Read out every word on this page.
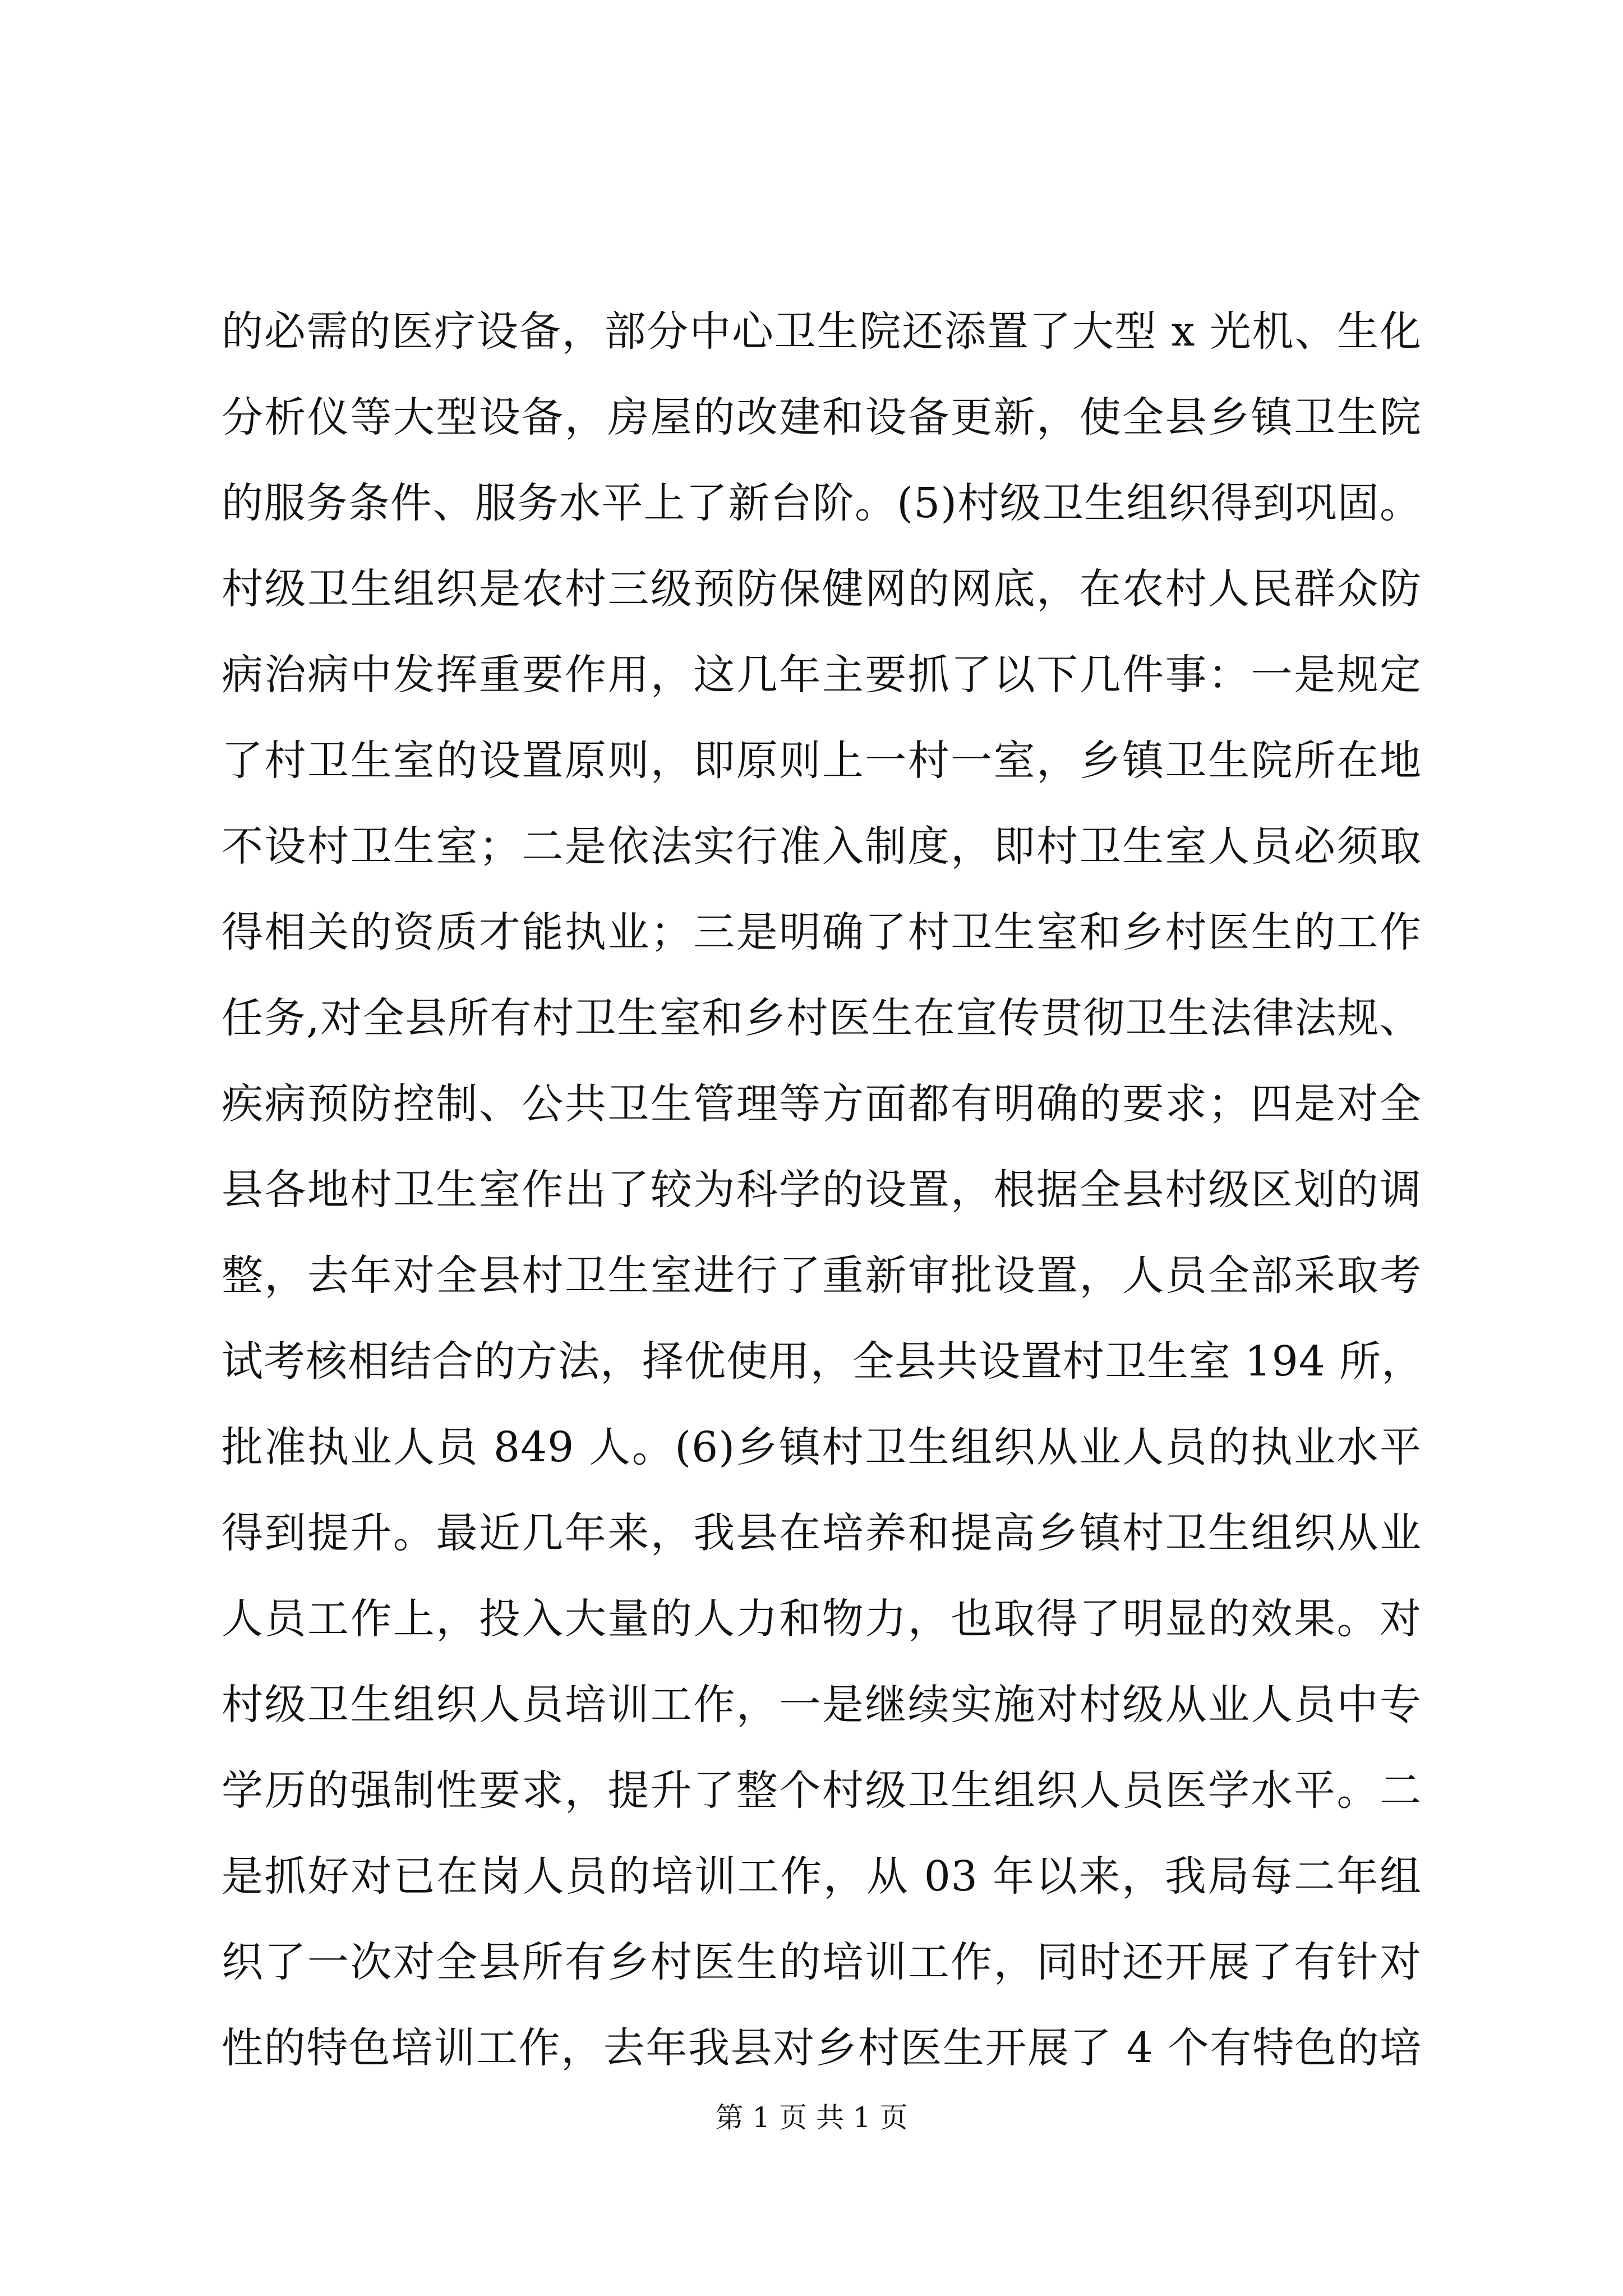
的必需的医疗设备，部分中心卫生院还添置了大型 x 光机、生化
分析仪等大型设备，房屋的改建和设备更新，使全县乡镇卫生院
的服务条件、服务水平上了新台阶。(5)村级卫生组织得到巩固。
村级卫生组织是农村三级预防保健网的网底，在农村人民群众防
病治病中发挥重要作用，这几年主要抓了以下几件事：一是规定
了村卫生室的设置原则，即原则上一村一室，乡镇卫生院所在地
不设村卫生室；二是依法实行准入制度，即村卫生室人员必须取
得相关的资质才能执业；三是明确了村卫生室和乡村医生的工作
任务,对全县所有村卫生室和乡村医生在宣传贯彻卫生法律法规、
疾病预防控制、公共卫生管理等方面都有明确的要求；四是对全
县各地村卫生室作出了较为科学的设置，根据全县村级区划的调
整，去年对全县村卫生室进行了重新审批设置，人员全部采取考
试考核相结合的方法，择优使用，全县共设置村卫生室 194 所，
批准执业人员 849 人。(6)乡镇村卫生组织从业人员的执业水平
得到提升。最近几年来，我县在培养和提高乡镇村卫生组织从业
人员工作上，投入大量的人力和物力，也取得了明显的效果。对
村级卫生组织人员培训工作，一是继续实施对村级从业人员中专
学历的强制性要求，提升了整个村级卫生组织人员医学水平。二
是抓好对已在岗人员的培训工作，从 03 年以来，我局每二年组
织了一次对全县所有乡村医生的培训工作，同时还开展了有针对
性的特色培训工作，去年我县对乡村医生开展了 4 个有特色的培
第 1 页 共 1 页
